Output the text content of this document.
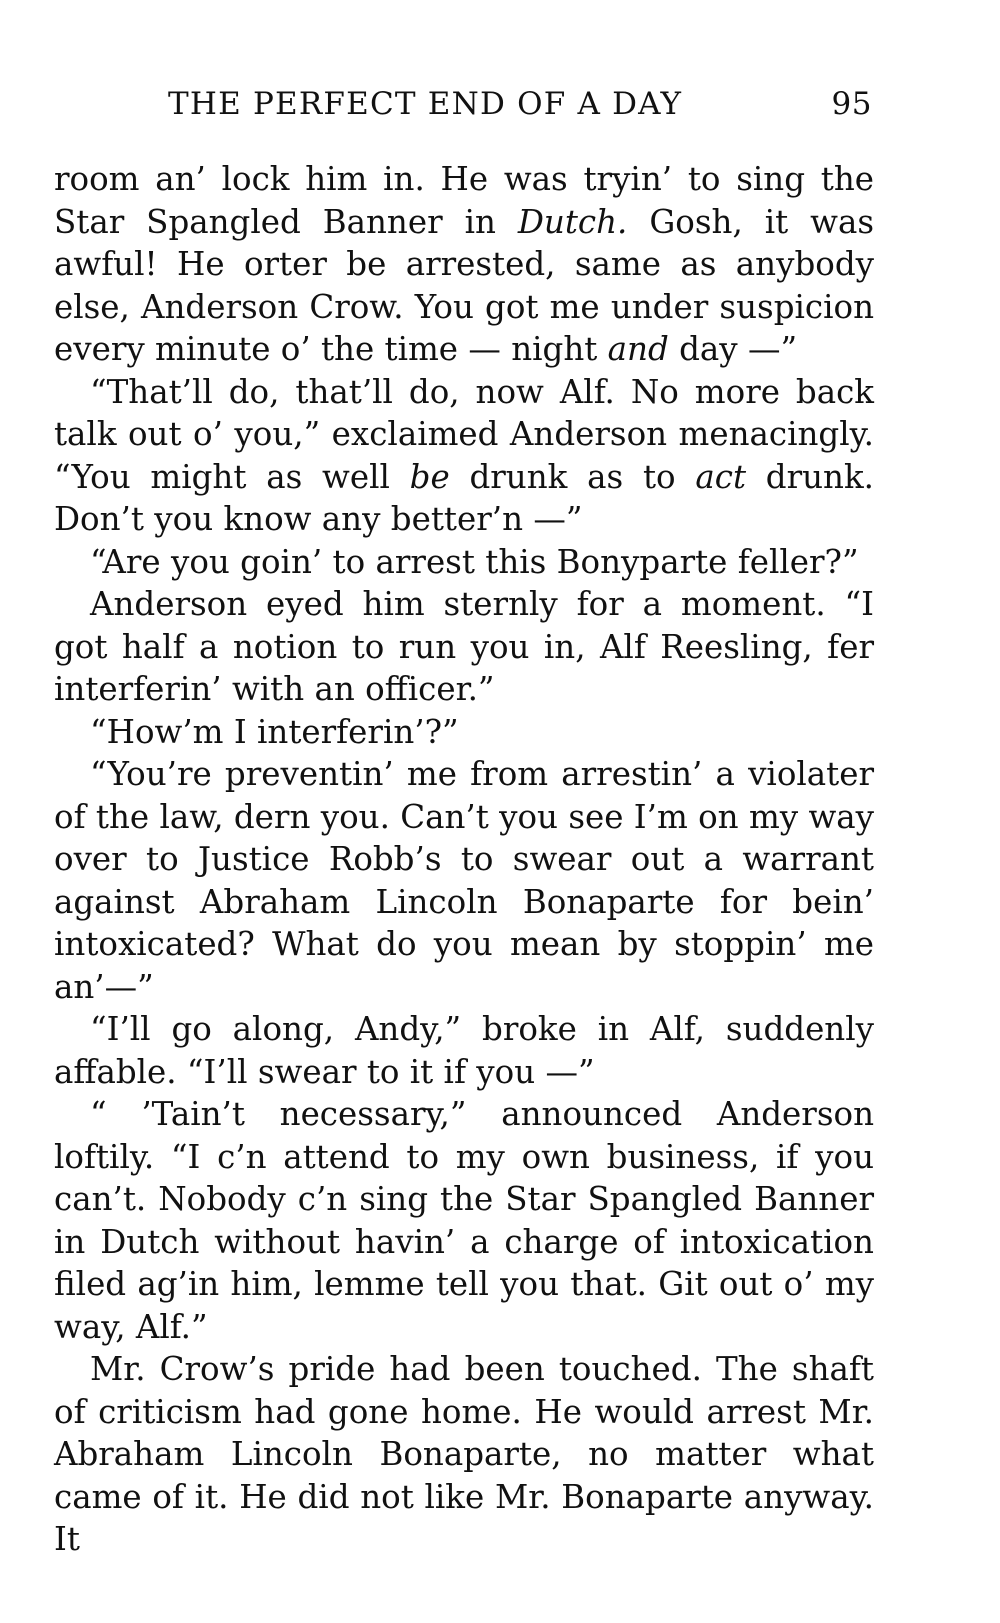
THE PERFECT END OF A DAY	95

room an’ lock him in. He was tryin’ to sing the Star Spangled Banner in Dutch. Gosh, it was awful! He orter be arrested, same as anybody else, Anderson Crow. You got me under suspicion every minute o’ the time — night and day —”

“That’ll do, that’ll do, now Alf. No more back talk out o’ you,” exclaimed Anderson menacingly. “You might as well be drunk as to act drunk. Don’t you know any better’n —”

“Are you goin’ to arrest this Bonyparte feller?”

Anderson eyed him sternly for a moment. “I got half a notion to run you in, Alf Reesling, fer interferin’ with an officer.”

“How’m I interferin’?”

“You’re preventin’ me from arrestin’ a violater of the law, dern you. Can’t you see I’m on my way over to Justice Robb’s to swear out a warrant against Abraham Lincoln Bonaparte for bein’ intoxicated? What do you mean by stoppin’ me an’—”

“I’ll go along, Andy,” broke in Alf, suddenly affable. “I’ll swear to it if you —”

“ ’Tain’t necessary,” announced Anderson loftily. “I c’n attend to my own business, if you can’t. Nobody c’n sing the Star Spangled Banner in Dutch without havin’ a charge of intoxication filed ag’in him, lemme tell you that. Git out o’ my way, Alf.”

Mr. Crow’s pride had been touched. The shaft of criticism had gone home. He would arrest Mr. Abraham Lincoln Bonaparte, no matter what came of it. He did not like Mr. Bonaparte anyway. It
